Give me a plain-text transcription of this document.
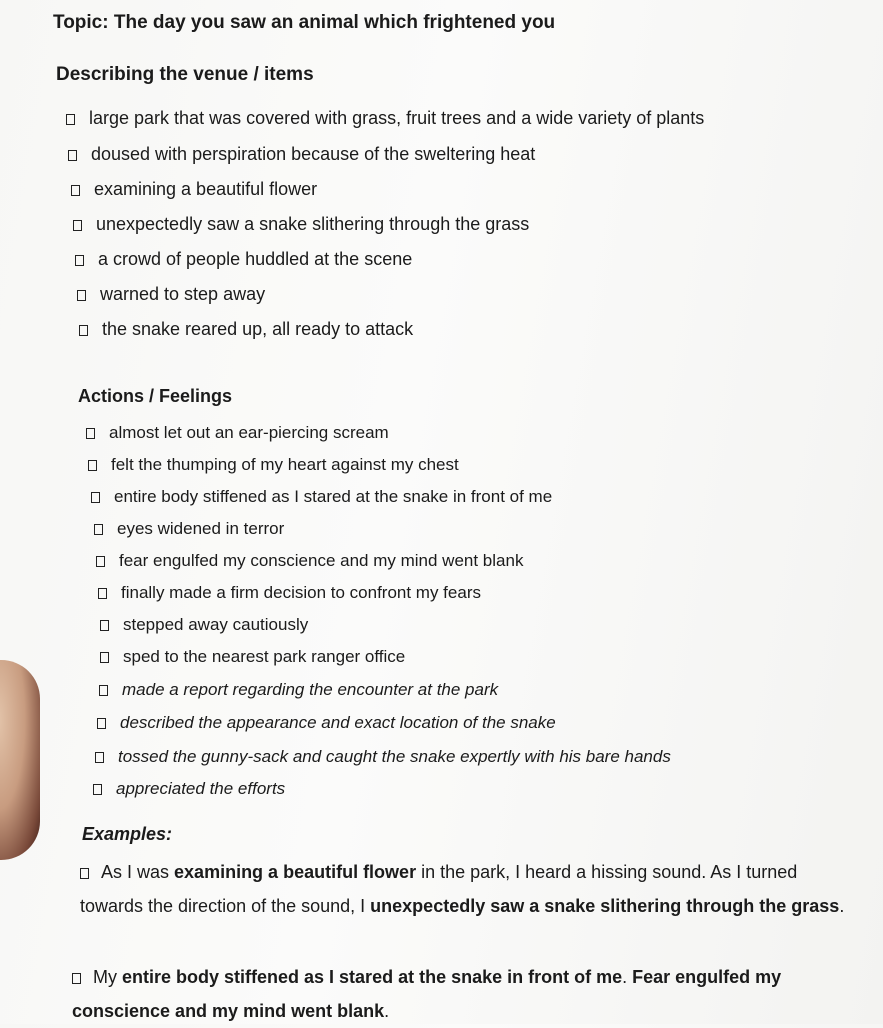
Topic: The day you saw an animal which frightened you
Describing the venue / items
large park that was covered with grass, fruit trees and a wide variety of plants
doused with perspiration because of the sweltering heat
examining a beautiful flower
unexpectedly saw a snake slithering through the grass
a crowd of people huddled at the scene
warned to step away
the snake reared up, all ready to attack
Actions / Feelings
almost let out an ear-piercing scream
felt the thumping of my heart against my chest
entire body stiffened as I stared at the snake in front of me
eyes widened in terror
fear engulfed my conscience and my mind went blank
finally made a firm decision to confront my fears
stepped away cautiously
sped to the nearest park ranger office
made a report regarding the encounter at the park
described the appearance and exact location of the snake
tossed the gunny-sack and caught the snake expertly with his bare hands
appreciated the efforts
Examples:
As I was examining a beautiful flower in the park, I heard a hissing sound. As I turned towards the direction of the sound, I unexpectedly saw a snake slithering through the grass.
My entire body stiffened as I stared at the snake in front of me. Fear engulfed my conscience and my mind went blank.
